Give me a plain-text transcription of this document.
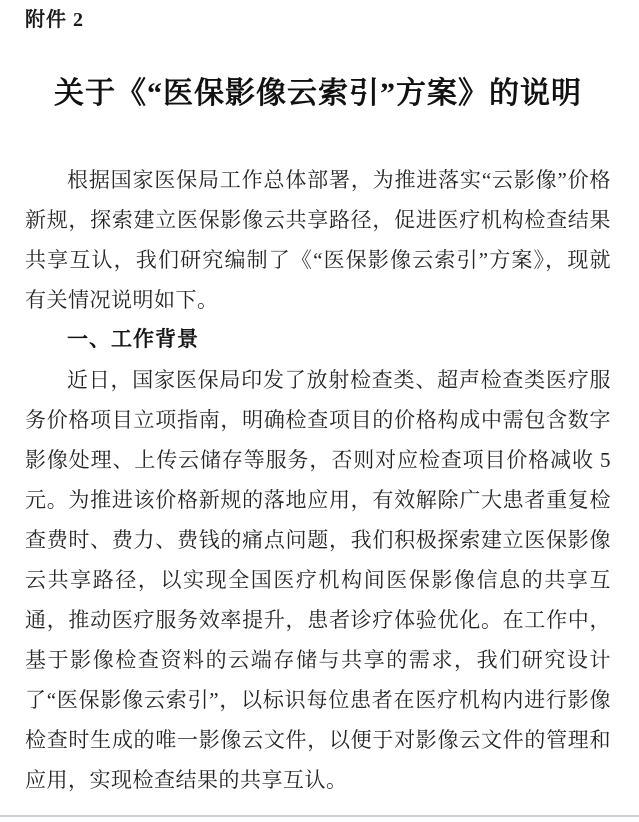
附件 2
关于《“医保影像云索引”方案》的说明

根据国家医保局工作总体部署，为推进落实“云影像”价格新规，探索建立医保影像云共享路径，促进医疗机构检查结果共享互认，我们研究编制了《“医保影像云索引”方案》，现就有关情况说明如下。

一、工作背景

近日，国家医保局印发了放射检查类、超声检查类医疗服务价格项目立项指南，明确检查项目的价格构成中需包含数字影像处理、上传云储存等服务，否则对应检查项目价格减收 5 元。为推进该价格新规的落地应用，有效解除广大患者重复检查费时、费力、费钱的痛点问题，我们积极探索建立医保影像云共享路径，以实现全国医疗机构间医保影像信息的共享互通，推动医疗服务效率提升，患者诊疗体验优化。在工作中，基于影像检查资料的云端存储与共享的需求，我们研究设计了“医保影像云索引”，以标识每位患者在医疗机构内进行影像检查时生成的唯一影像云文件，以便于对影像云文件的管理和应用，实现检查结果的共享互认。
